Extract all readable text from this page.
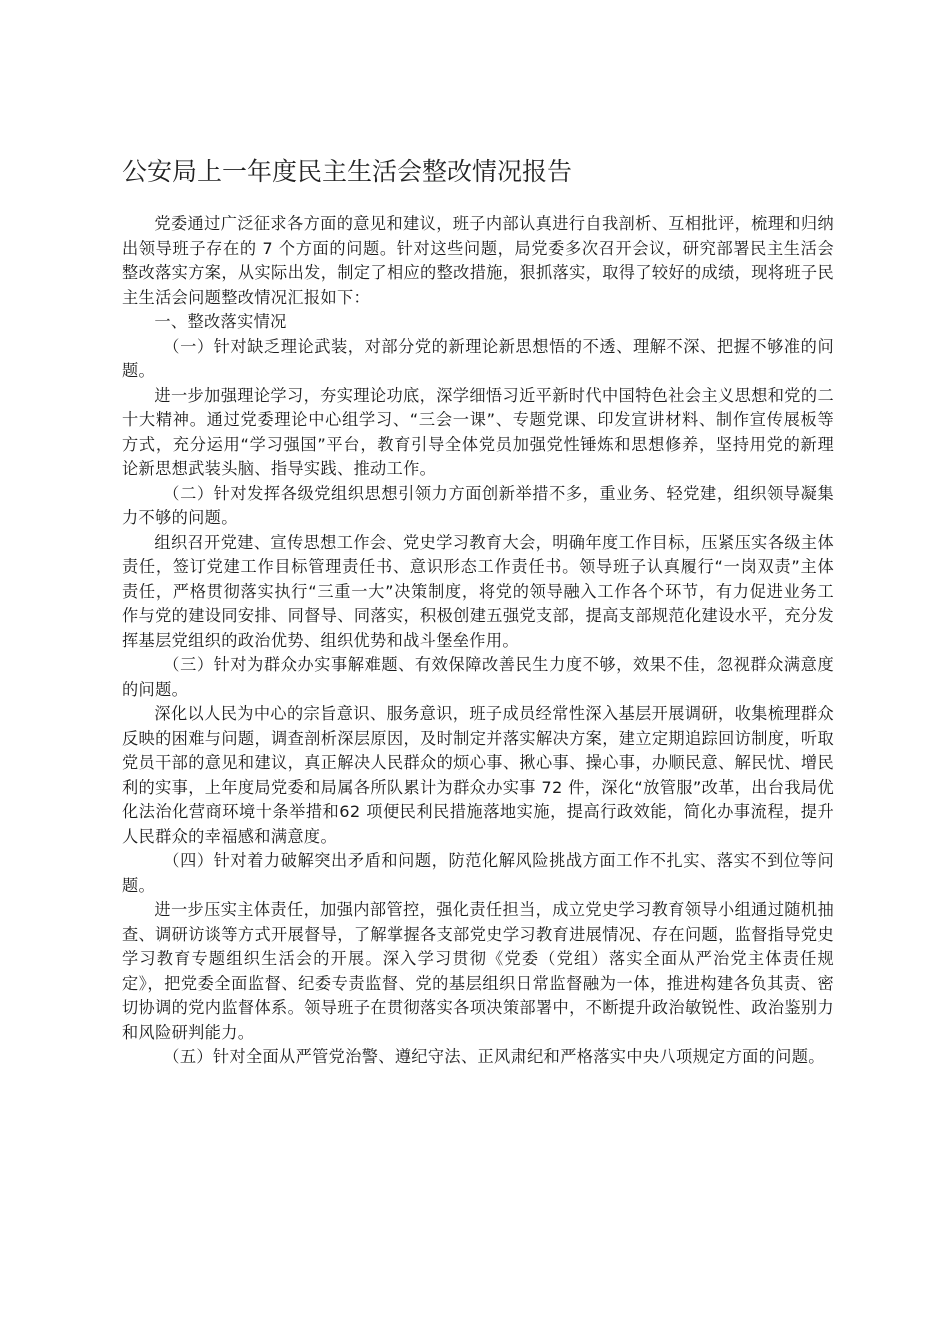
公安局上一年度民主生活会整改情况报告

党委通过广泛征求各方面的意见和建议，班子内部认真进行自我剖析、互相批评，梳理和归纳出领导班子存在的 7 个方面的问题。针对这些问题，局党委多次召开会议，研究部署民主生活会整改落实方案，从实际出发，制定了相应的整改措施，狠抓落实，取得了较好的成绩，现将班子民主生活会问题整改情况汇报如下：

一、整改落实情况

（一）针对缺乏理论武装，对部分党的新理论新思想悟的不透、理解不深、把握不够准的问题。

进一步加强理论学习，夯实理论功底，深学细悟习近平新时代中国特色社会主义思想和党的二十大精神。通过党委理论中心组学习、“三会一课”、专题党课、印发宣讲材料、制作宣传展板等方式，充分运用“学习强国”平台，教育引导全体党员加强党性锤炼和思想修养，坚持用党的新理论新思想武装头脑、指导实践、推动工作。

（二）针对发挥各级党组织思想引领力方面创新举措不多，重业务、轻党建，组织领导凝集力不够的问题。

组织召开党建、宣传思想工作会、党史学习教育大会，明确年度工作目标，压紧压实各级主体责任，签订党建工作目标管理责任书、意识形态工作责任书。领导班子认真履行“一岗双责”主体责任，严格贯彻落实执行“三重一大”决策制度，将党的领导融入工作各个环节，有力促进业务工作与党的建设同安排、同督导、同落实，积极创建五强党支部，提高支部规范化建设水平，充分发挥基层党组织的政治优势、组织优势和战斗堡垒作用。

（三）针对为群众办实事解难题、有效保障改善民生力度不够，效果不佳，忽视群众满意度的问题。

深化以人民为中心的宗旨意识、服务意识，班子成员经常性深入基层开展调研，收集梳理群众反映的困难与问题，调查剖析深层原因，及时制定并落实解决方案，建立定期追踪回访制度，听取党员干部的意见和建议，真正解决人民群众的烦心事、揪心事、操心事，办顺民意、解民忧、增民利的实事，上年度局党委和局属各所队累计为群众办实事 72 件，深化“放管服”改革，出台我局优化法治化营商环境十条举措和62 项便民利民措施落地实施，提高行政效能，简化办事流程，提升人民群众的幸福感和满意度。

（四）针对着力破解突出矛盾和问题，防范化解风险挑战方面工作不扎实、落实不到位等问题。

进一步压实主体责任，加强内部管控，强化责任担当，成立党史学习教育领导小组通过随机抽查、调研访谈等方式开展督导，了解掌握各支部党史学习教育进展情况、存在问题，监督指导党史学习教育专题组织生活会的开展。深入学习贯彻《党委（党组）落实全面从严治党主体责任规定》，把党委全面监督、纪委专责监督、党的基层组织日常监督融为一体，推进构建各负其责、密切协调的党内监督体系。领导班子在贯彻落实各项决策部署中，不断提升政治敏锐性、政治鉴别力和风险研判能力。

（五）针对全面从严管党治警、遵纪守法、正风肃纪和严格落实中央八项规定方面的问题。
